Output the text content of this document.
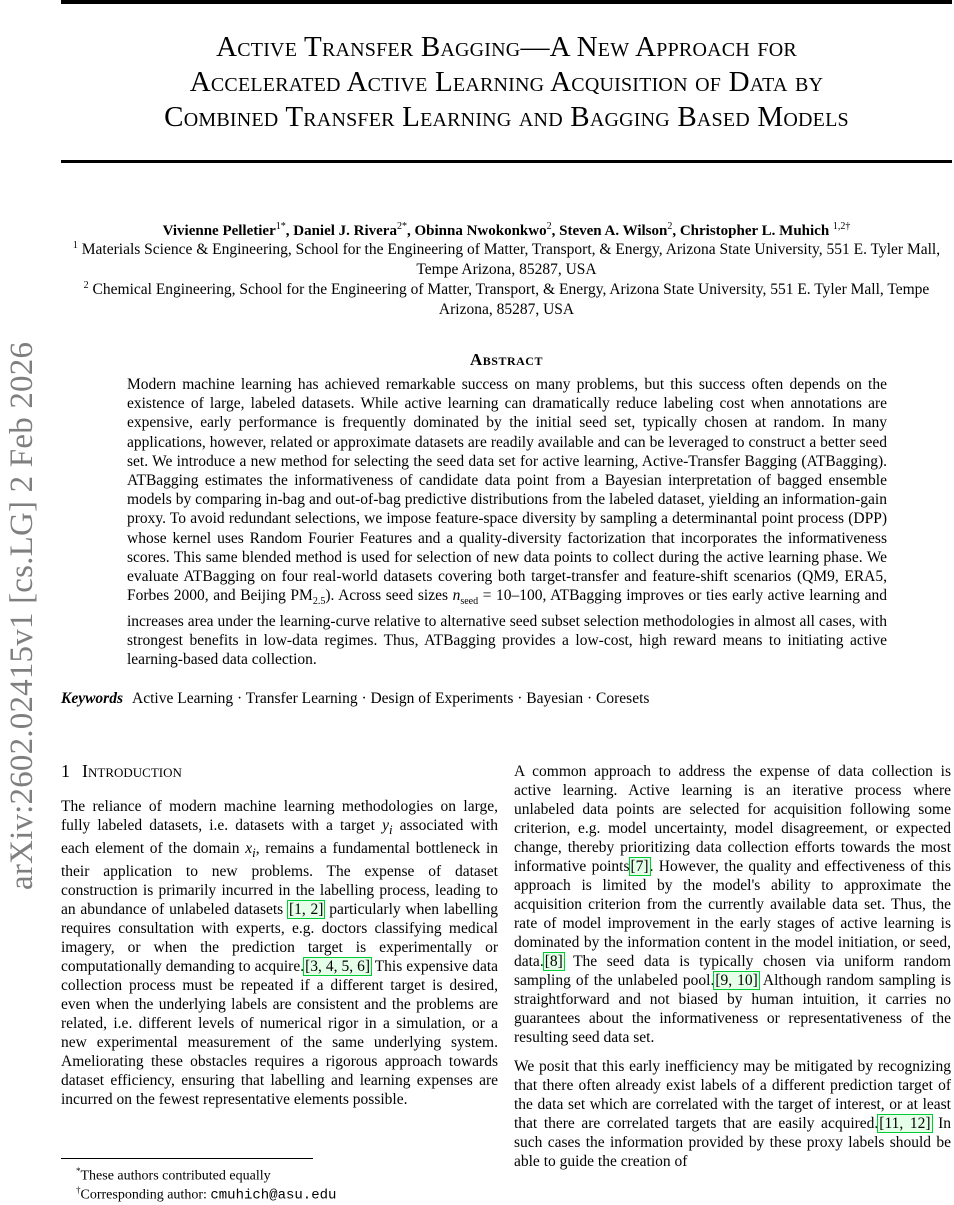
arXiv:2602.02415v1 [cs.LG] 2 Feb 2026
Active Transfer Bagging—A New Approach for
Accelerated Active Learning Acquisition of Data by
Combined Transfer Learning and Bagging Based Models
Vivienne Pelletier$^{1*}$, Daniel J. Rivera$^{2*}$, Obinna Nwokonkwo$^2$, Steven A. Wilson$^2$, Christopher L. Muhich $^{1,2\dagger}$
$^1$ Materials Science & Engineering, School for the Engineering of Matter, Transport, & Energy, Arizona State University, 551 E. Tyler Mall, Tempe Arizona, 85287, USA
$^2$ Chemical Engineering, School for the Engineering of Matter, Transport, & Energy, Arizona State University, 551 E. Tyler Mall, Tempe Arizona, 85287, USA
Abstract
Modern machine learning has achieved remarkable success on many problems, but this success often depends on the existence of large, labeled datasets. While active learning can dramatically reduce labeling cost when annotations are expensive, early performance is frequently dominated by the initial seed set, typically chosen at random. In many applications, however, related or approximate datasets are readily available and can be leveraged to construct a better seed set. We introduce a new method for selecting the seed data set for active learning, Active-Transfer Bagging (ATBagging). ATBagging estimates the informativeness of candidate data point from a Bayesian interpretation of bagged ensemble models by comparing in-bag and out-of-bag predictive distributions from the labeled dataset, yielding an information-gain proxy. To avoid redundant selections, we impose feature-space diversity by sampling a determinantal point process (DPP) whose kernel uses Random Fourier Features and a quality-diversity factorization that incorporates the informativeness scores. This same blended method is used for selection of new data points to collect during the active learning phase. We evaluate ATBagging on four real-world datasets covering both target-transfer and feature-shift scenarios (QM9, ERA5, Forbes 2000, and Beijing $PM_{2.5}$). Across seed sizes $n_{seed} = 10-100$, ATBagging improves or ties early active learning and increases area under the learning-curve relative to alternative seed subset selection methodologies in almost all cases, with strongest benefits in low-data regimes. Thus, ATBagging provides a low-cost, high reward means to initiating active learning-based data collection.
Keywords Active Learning · Transfer Learning · Design of Experiments · Bayesian · Coresets
1 Introduction

The reliance of modern machine learning methodologies on large, fully labeled datasets, i.e. datasets with a target $y_i$ associated with each element of the domain $x_i$, remains a fundamental bottleneck in their application to new problems. The expense of dataset construction is primarily incurred in the labelling process, leading to an abundance of unlabeled datasets [1, 2] particularly when labelling requires consultation with experts, e.g. doctors classifying medical imagery, or when the prediction target is experimentally or computationally demanding to acquire.[3, 4, 5, 6] This expensive data collection process must be repeated if a different target is desired, even when the underlying labels are consistent and the problems are related, i.e. different levels of numerical rigor in a simulation, or a new experimental measurement of the same underlying system. Ameliorating these obstacles requires a rigorous approach towards dataset efficiency, ensuring that labelling and learning expenses are incurred on the fewest representative elements possible.

A common approach to address the expense of data collection is active learning. Active learning is an iterative process where unlabeled data points are selected for acquisition following some criterion, e.g. model uncertainty, model disagreement, or expected change, thereby prioritizing data collection efforts towards the most informative points[7]. However, the quality and effectiveness of this approach is limited by the model's ability to approximate the acquisition criterion from the currently available data set. Thus, the rate of model improvement in the early stages of active learning is dominated by the information content in the model initiation, or seed, data.[8] The seed data is typically chosen via uniform random sampling of the unlabeled pool.[9, 10] Although random sampling is straightforward and not biased by human intuition, it carries no guarantees about the informativeness or representativeness of the resulting seed data set.

We posit that this early inefficiency may be mitigated by recognizing that there often already exist labels of a different prediction target of the data set which are correlated with the target of interest, or at least that there are correlated targets that are easily acquired.[11, 12] In such cases the information provided by these proxy labels should be able to guide the creation of

*These authors contributed equally
†Corresponding author: cmuhich@asu.edu
